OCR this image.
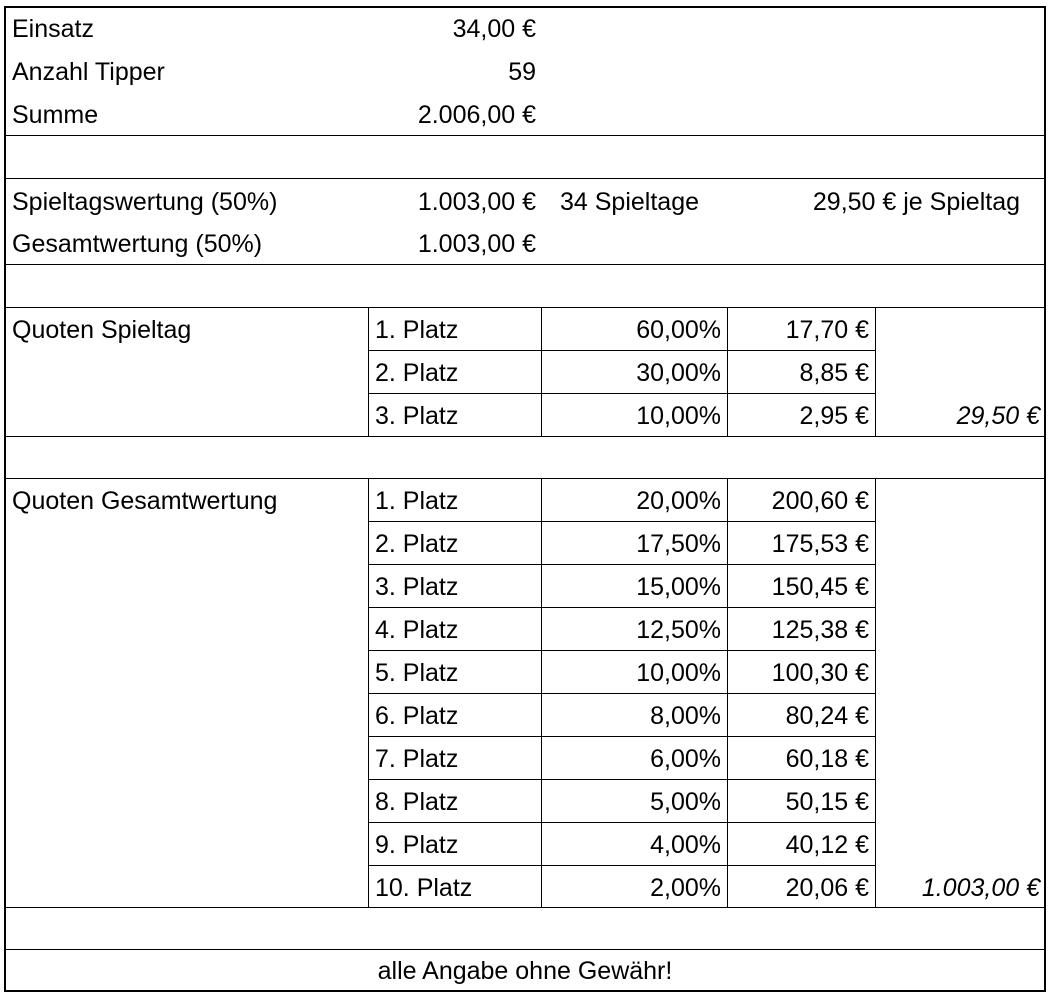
Einsatz	34,00 €
Anzahl Tipper	59
Summe	2.006,00 €
Spieltagswertung (50%)	1.003,00 € 34 Spieltage	29,50 € je Spieltag
Gesamtwertung (50%)	1.003,00 €
Quoten Spieltag	1. Platz	60,00%	17,70 €
2. Platz	30,00%	8,85 €
3. Platz	10,00%	2,95 €	29,50 €
Quoten Gesamtwertung	1. Platz	20,00%	200,60 €
2. Platz	17,50%	175,53 €
3. Platz	15,00%	150,45 €
4. Platz	12,50%	125,38 €
5. Platz	10,00%	100,30 €
6. Platz	8,00%	80,24 €
7. Platz	6,00%	60,18 €
8. Platz	5,00%	50,15 €
9. Platz	4,00%	40,12 €
10. Platz	2,00%	20,06 €	1.003,00 €
alle Angabe ohne Gewähr!
